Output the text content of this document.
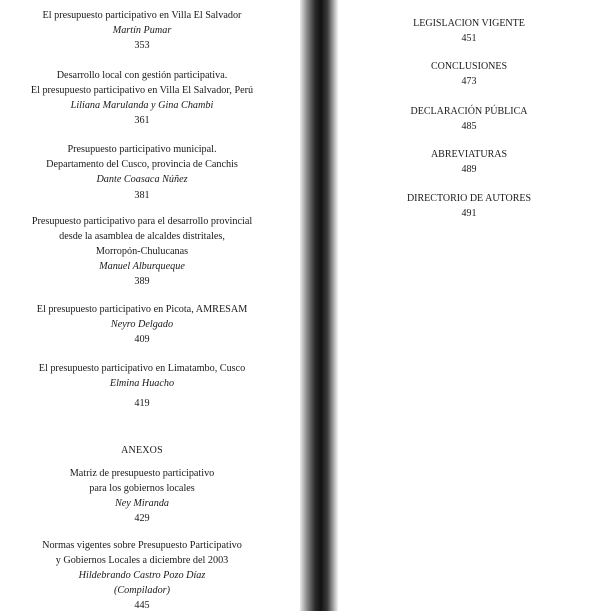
El presupuesto participativo en Villa El Salvador
Martín Pumar
353
Desarrollo local con gestión participativa.
El presupuesto participativo en Villa El Salvador, Perú
Liliana Marulanda y Gina Chambi
361
Presupuesto participativo municipal.
Departamento del Cusco, provincia de Canchis
Dante Coasaca Núñez
381
Presupuesto participativo para el desarrollo provincial
desde la asamblea de alcaldes distritales,
Morropón-Chulucanas
Manuel Alburqueque
389
El presupuesto participativo en Picota, AMRESAM
Neyro Delgado
409
El presupuesto participativo en Limatambo, Cusco
Elmina Huacho
419
ANEXOS
Matriz de presupuesto participativo
para los gobiernos locales
Ney Miranda
429
Normas vigentes sobre Presupuesto Participativo
y Gobiernos Locales a diciembre del 2003
Hildebrando Castro Pozo Díaz
(Compilador)
445
LEGISLACION VIGENTE
451
CONCLUSIONES
473
DECLARACIÓN PÚBLICA
485
ABREVIATURAS
489
DIRECTORIO DE AUTORES
491
